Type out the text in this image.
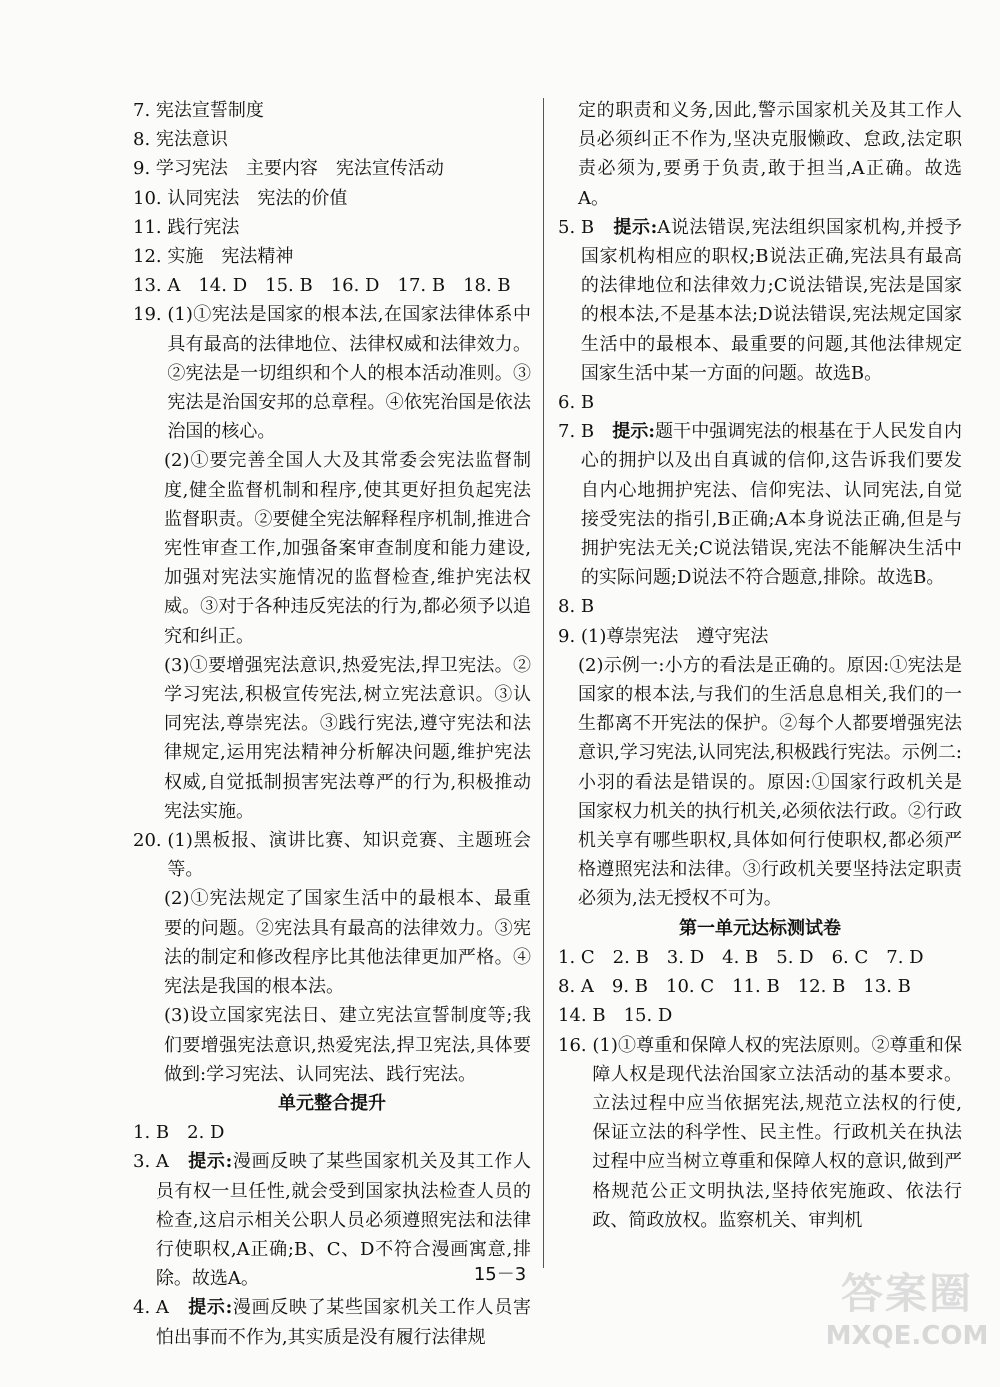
7. 宪法宣誓制度
8. 宪法意识
9. 学习宪法　主要内容　宪法宣传活动
10. 认同宪法　宪法的价值
11. 践行宪法
12. 实施　宪法精神
13. A　14. D　15. B　16. D　17. B　18. B
19. (1)①宪法是国家的根本法,在国家法律体系中具有最高的法律地位、法律权威和法律效力。②宪法是一切组织和个人的根本活动准则。③宪法是治国安邦的总章程。④依宪治国是依法治国的核心。
(2)①要完善全国人大及其常委会宪法监督制度,健全监督机制和程序,使其更好担负起宪法监督职责。②要健全宪法解释程序机制,推进合宪性审查工作,加强备案审查制度和能力建设,加强对宪法实施情况的监督检查,维护宪法权威。③对于各种违反宪法的行为,都必须予以追究和纠正。
(3)①要增强宪法意识,热爱宪法,捍卫宪法。②学习宪法,积极宣传宪法,树立宪法意识。③认同宪法,尊崇宪法。③践行宪法,遵守宪法和法律规定,运用宪法精神分析解决问题,维护宪法权威,自觉抵制损害宪法尊严的行为,积极推动宪法实施。
20. (1)黑板报、演讲比赛、知识竞赛、主题班会等。
(2)①宪法规定了国家生活中的最根本、最重要的问题。②宪法具有最高的法律效力。③宪法的制定和修改程序比其他法律更加严格。④宪法是我国的根本法。
(3)设立国家宪法日、建立宪法宣誓制度等;我们要增强宪法意识,热爱宪法,捍卫宪法,具体要做到:学习宪法、认同宪法、践行宪法。
单元整合提升
1. B　2. D
3. A　 提示:漫画反映了某些国家机关及其工作人员有权一旦任性,就会受到国家执法检查人员的检查,这启示相关公职人员必须遵照宪法和法律行使职权,A正确;B、C、D不符合漫画寓意,排除。故选A。
4. A　 提示:漫画反映了某些国家机关工作人员害怕出事而不作为,其实质是没有履行法律规
定的职责和义务,因此,警示国家机关及其工作人员必须纠正不作为,坚决克服懒政、怠政,法定职责必须为,要勇于负责,敢于担当,A正确。故选A。
5. B　 提示:A说法错误,宪法组织国家机构,并授予国家机构相应的职权;B说法正确,宪法具有最高的法律地位和法律效力;C说法错误,宪法是国家的根本法,不是基本法;D说法错误,宪法规定国家生活中的最根本、最重要的问题,其他法律规定国家生活中某一方面的问题。故选B。
6. B
7. B　 提示:题干中强调宪法的根基在于人民发自内心的拥护以及出自真诚的信仰,这告诉我们要发自内心地拥护宪法、信仰宪法、认同宪法,自觉接受宪法的指引,B正确;A本身说法正确,但是与拥护宪法无关;C说法错误,宪法不能解决生活中的实际问题;D说法不符合题意,排除。故选B。
8. B
9. (1)尊崇宪法　遵守宪法
(2)示例一:小方的看法是正确的。原因:①宪法是国家的根本法,与我们的生活息息相关,我们的一生都离不开宪法的保护。②每个人都要增强宪法意识,学习宪法,认同宪法,积极践行宪法。示例二:小羽的看法是错误的。原因:①国家行政机关是国家权力机关的执行机关,必须依法行政。②行政机关享有哪些职权,具体如何行使职权,都必须严格遵照宪法和法律。③行政机关要坚持法定职责必须为,法无授权不可为。
第一单元达标测试卷
1. C　2. B　3. D　4. B　5. D　6. C　7. D
8. A　9. B　10. C　11. B　12. B　13. B
14. B　15. D
16. (1)①尊重和保障人权的宪法原则。②尊重和保障人权是现代法治国家立法活动的基本要求。立法过程中应当依据宪法,规范立法权的行使,保证立法的科学性、民主性。行政机关在执法过程中应当树立尊重和保障人权的意识,做到严格规范公正文明执法,坚持依宪施政、依法行政、简政放权。监察机关、审判机
15－3	答案圈
MXQE.COM
